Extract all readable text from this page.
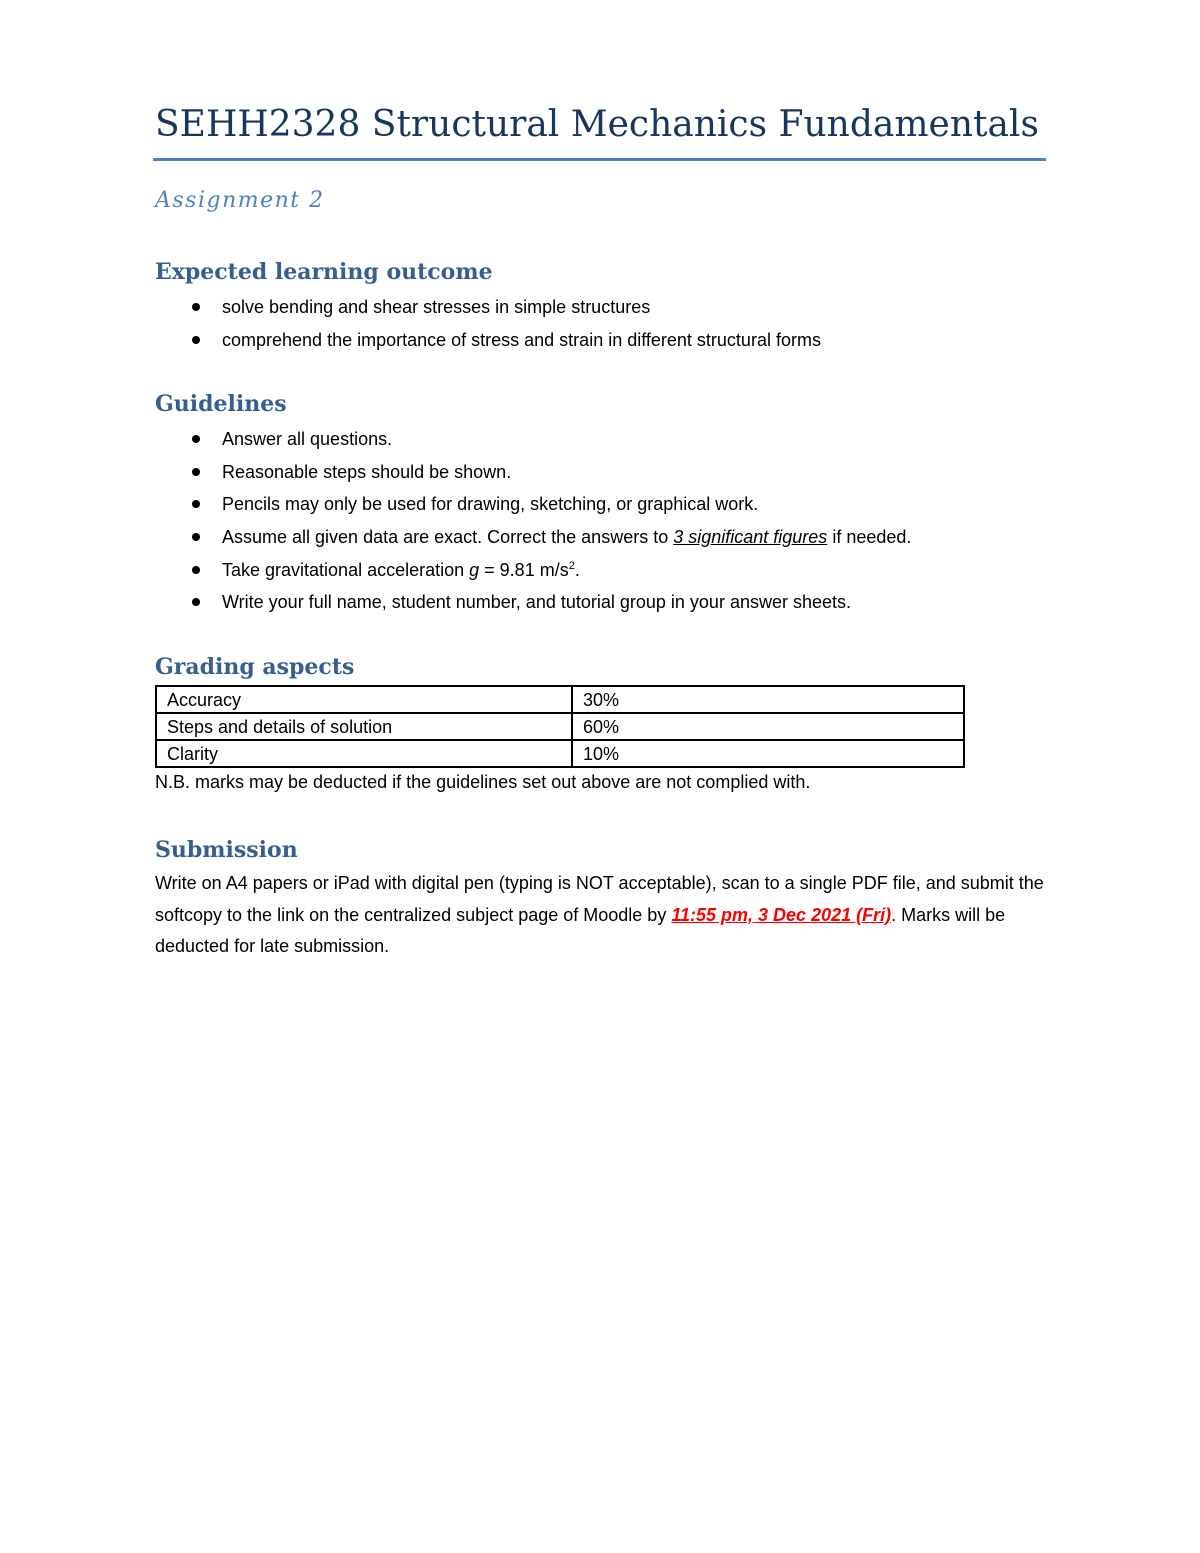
SEHH2328 Structural Mechanics Fundamentals
Assignment 2
Expected learning outcome
solve bending and shear stresses in simple structures
comprehend the importance of stress and strain in different structural forms
Guidelines
Answer all questions.
Reasonable steps should be shown.
Pencils may only be used for drawing, sketching, or graphical work.
Assume all given data are exact. Correct the answers to 3 significant figures if needed.
Take gravitational acceleration g = 9.81 $m/s^2$.
Write your full name, student number, and tutorial group in your answer sheets.
Grading aspects
Accuracy	30%
Steps and details of solution	60%
Clarity	10%

N.B. marks may be deducted if the guidelines set out above are not complied with.

Submission

Write on A4 papers or iPad with digital pen (typing is NOT acceptable), scan to a single PDF file, and submit the softcopy to the link on the centralized subject page of Moodle by 11:55 pm, 3 Dec 2021 (Fri). Marks will be deducted for late submission.
